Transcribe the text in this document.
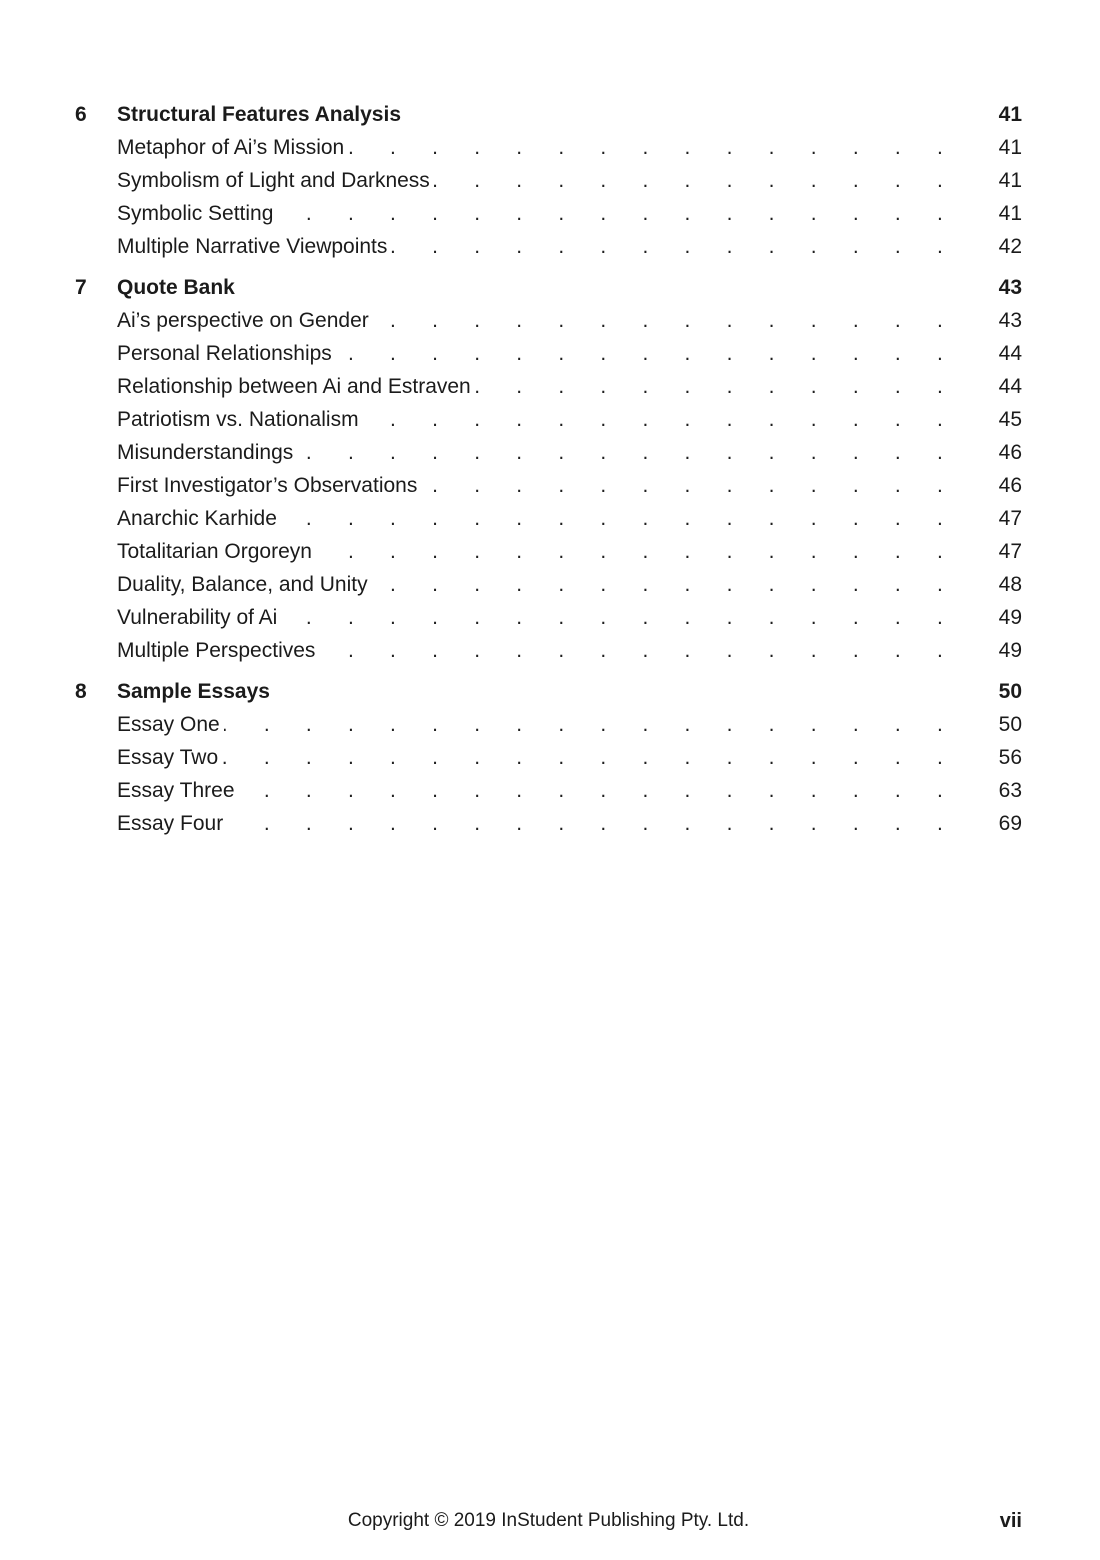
6	Structural Features Analysis	41
Metaphor of Ai’s Mission . . .	41
Symbolism of Light and Darkness . . .	41
Symbolic Setting . . .	41
Multiple Narrative Viewpoints . . .	42
7	Quote Bank	43
Ai’s perspective on Gender . . .	43
Personal Relationships . . .	44
Relationship between Ai and Estraven . . .	44
Patriotism vs. Nationalism . . .	45
Misunderstandings . . .	46
First Investigator’s Observations . . .	46
Anarchic Karhide . . .	47
Totalitarian Orgoreyn . . .	47
Duality, Balance, and Unity . . .	48
Vulnerability of Ai . . .	49
Multiple Perspectives . . .	49
8	Sample Essays	50
Essay One . . .	50
Essay Two . . .	56
Essay Three . . .	63
Essay Four . . .	69
Copyright © 2019 InStudent Publishing Pty. Ltd.	vii
